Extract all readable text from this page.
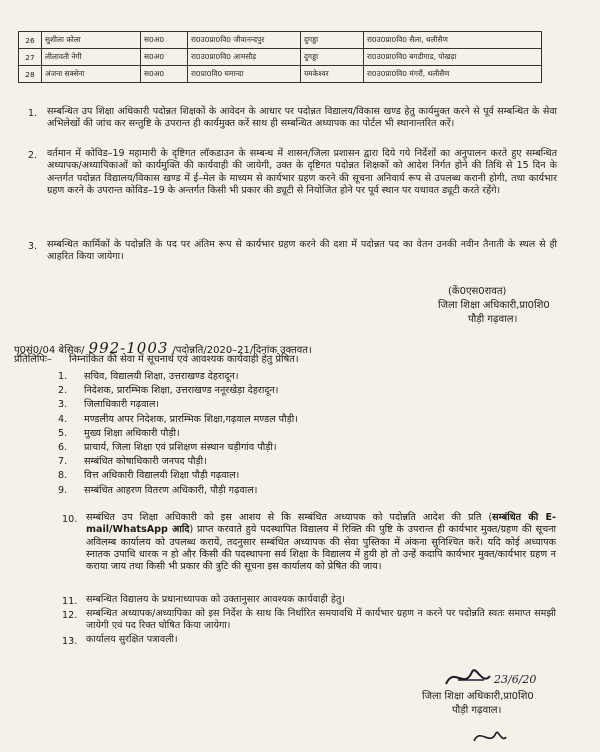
26	सुशीला कोला	स0अ0	रा0उ0प्रा0वि0 जीवानन्दपुर	दुगड्डा	रा0उ0प्रा0वि0 सैला, थलीसैण
27	लीलावती नेगी	स0अ0	रा0उ0प्रा0वि0 आमसौड़	दुगड्डा	रा0उ0प्रा0वि0 बगडीगाड, पोखड़ा
28	अंजना सक्सेना	स0अ0	रा0प्रा0वि0 घमान्दा	यमकेश्वर	रा0उ0प्रा0वि0 मंगरौं, थलीसैण
1. सम्बन्धित उप शिक्षा अधिकारी पदोन्नत शिक्षकों के आवेदन के आधार पर पदोन्नत विद्यालय/विकास खण्ड हेतु कार्यमुक्त करने से पूर्व सम्बन्धित के सेवा अभिलेखों की जांच कर सन्तुष्टि के उपरान्त ही कार्यमुक्त करें साथ ही सम्बन्धित अध्यापक का पोर्टल भी स्थानान्तरित करें।
2. वर्तमान में कोविड–19 महामारी के दृष्टिगत लॉकडाउन के सम्बन्ध में शासन/जिला प्रशासन द्वारा दिये गये निर्देशों का अनुपालन करते हुए सम्बन्धित अध्यापक/अध्यापिकाओं को कार्यमुक्ति की कार्यवाही की जायेगी, उक्त के दृष्टिगत पदोन्नत शिक्षकों को आदेश निर्गत होने की तिथि से 15 दिन के अन्तर्गत पदोन्नत विद्यालय/विकास खण्ड में ई–मेल के माध्यम से कार्यभार ग्रहण करने की सूचना अनिवार्य रूप से उपलब्ध करानी होगी, तथा कार्यभार ग्रहण करने के उपरान्त कोविड–19 के अन्तर्गत किसी भी प्रकार की ड्यूटी से नियोजित होने पर पूर्व स्थान पर यथावत ड्यूटी करते रहेंगे।
3. सम्बन्धित कार्मिकों के पदोन्नति के पद पर अंतिम रूप से कार्यभार ग्रहण करने की दशा में पदोन्नत पद का वेतन उनकी नवीन तैनाती के स्थल से ही आहरित किया जायेगा।
(कें0एस0रावत)
जिला शिक्षा अधिकारी,प्रा0शि0
पौड़ी गढ़वाल।
पृ0सं0/04 बेसिक/ 992-1003 /पदोन्नति/2020–21/दिनांक उक्तवत।
प्रतिलिपिः– निम्नांकित की सेवा में सूचनार्थ एवं आवश्यक कार्यवाही हेतु प्रेषित।
1.	सचिव, विद्यालयी शिक्षा, उत्तराखण्ड देहरादून।
2.	निदेशक, प्रारम्भिक शिक्षा, उत्तराखण्ड ननूरखेड़ा देहरादून।
3.	जिलाधिकारी गढ़वाल।
4.	मण्डलीय अपर निदेशक, प्रारम्भिक शिक्षा,गढ़वाल मण्डल पौड़ी।
5.	मुख्य शिक्षा अधिकारी पौड़ी।
6.	प्राचार्य, जिला शिक्षा एवं प्रशिक्षण संस्थान चड़ीगांव पौड़ी।
7.	सम्बंधित कोषाधिकारी जनपद पौड़ी।
8.	वित्त अधिकारी विद्यालयी शिक्षा पौड़ी गढ़वाल।
9.	सम्बंधित आहरण वितरण अधिकारी, पौड़ी गढ़वाल।
10. सम्बंधित उप शिक्षा अधिकारी को इस आशय से कि सम्बंधित अध्यापक को पदोन्नति आदेश की प्रति (सम्बंधित की E-mail/WhatsApp आदि) प्राप्त करवाते हुये पदस्थापित विद्यालय में रिक्ति की पुष्टि के उपरान्त ही कार्यभार मुक्त/ग्रहण की सूचना अविलम्ब कार्यालय को उपलब्ध करायें, तदनुसार सम्बंधित अध्यापक की सेवा पुस्तिका में अंकना सुनिश्चित करें। यदि कोई अध्यापक स्नातक उपाधि धारक न हो और किसी की पदस्थापना सर्व शिक्षा के विद्यालय में हुयी हो तो उन्हें कदापि कार्यभार मुक्त/कार्यभार ग्रहण न कराया जाय तथा किसी भी प्रकार की त्रुटि की सूचना इस कार्यालय को प्रेषित की जाय।
11. सम्बन्धित विद्यालय के प्रधानाध्यापक को उक्तानुसार आवश्यक कार्यवाही हेतु।
12. सम्बन्धित अध्यापक/अध्यापिका को इस निर्देश के साथ कि निर्धारित समयावधि में कार्यभार ग्रहण न करने पर पदोन्नति स्वतः समाप्त समझी जायेगी एवं पद रिक्त घोषित किया जायेगा।
13. कार्यालय सुरक्षित पत्रावली।
23/6/20
जिला शिक्षा अधिकारी,प्रा0शि0
पौड़ी गढ़वाल।
